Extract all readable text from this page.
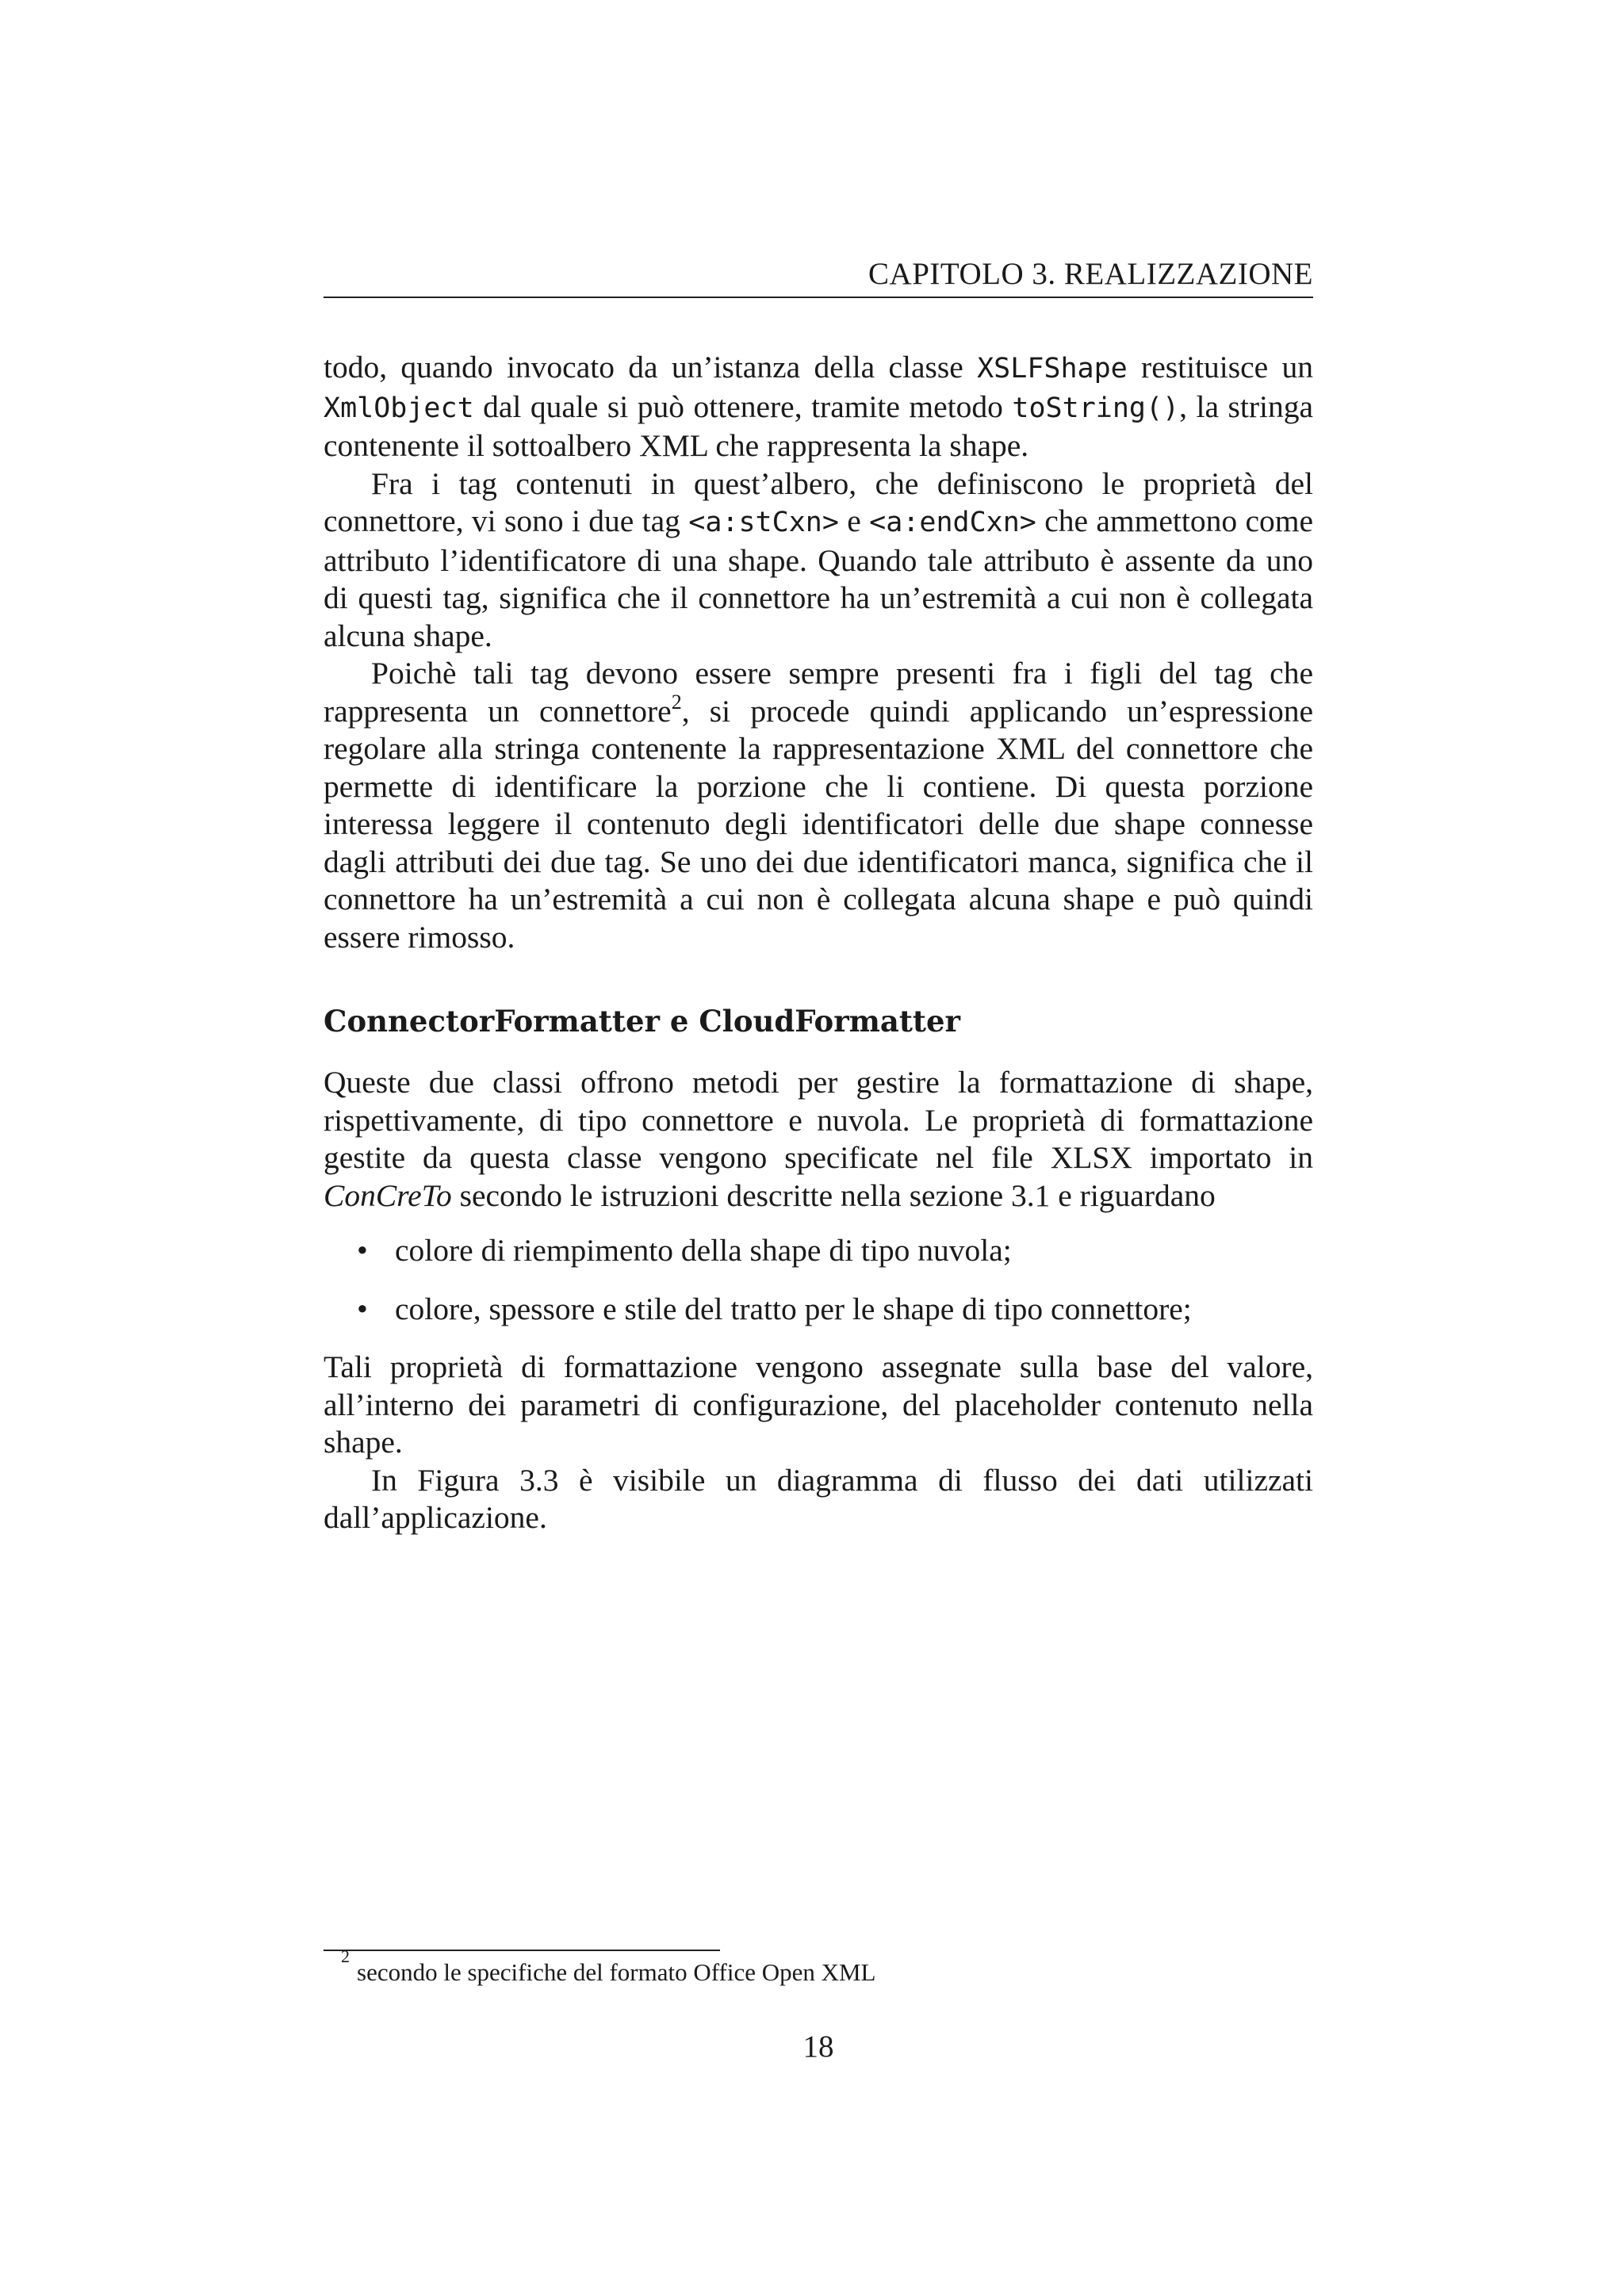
CAPITOLO 3. REALIZZAZIONE

todo, quando invocato da un’istanza della classe XSLFShape restituisce un XmlObject dal quale si può ottenere, tramite metodo toString(), la stringa contenente il sottoalbero XML che rappresenta la shape.

Fra i tag contenuti in quest’albero, che definiscono le proprietà del connettore, vi sono i due tag <a:stCxn> e <a:endCxn> che ammettono come attributo l’identificatore di una shape. Quando tale attributo è assente da uno di questi tag, significa che il connettore ha un’estremità a cui non è collegata alcuna shape.

Poichè tali tag devono essere sempre presenti fra i figli del tag che rappresenta un connettore$^2$, si procede quindi applicando un’espressione regolare alla stringa contenente la rappresentazione XML del connettore che permette di identificare la porzione che li contiene. Di questa porzione interessa leggere il contenuto degli identificatori delle due shape connesse dagli attributi dei due tag. Se uno dei due identificatori manca, significa che il connettore ha un’estremità a cui non è collegata alcuna shape e può quindi essere rimosso.

ConnectorFormatter e CloudFormatter

Queste due classi offrono metodi per gestire la formattazione di shape, rispettivamente, di tipo connettore e nuvola. Le proprietà di formattazione gestite da questa classe vengono specificate nel file XLSX importato in ConCreTo secondo le istruzioni descritte nella sezione 3.1 e riguardano

• colore di riempimento della shape di tipo nuvola;
• colore, spessore e stile del tratto per le shape di tipo connettore;

Tali proprietà di formattazione vengono assegnate sulla base del valore, all’interno dei parametri di configurazione, del placeholder contenuto nella shape.

In Figura 3.3 è visibile un diagramma di flusso dei dati utilizzati dall’applicazione.

2
secondo le specifiche del formato Office Open XML
18
